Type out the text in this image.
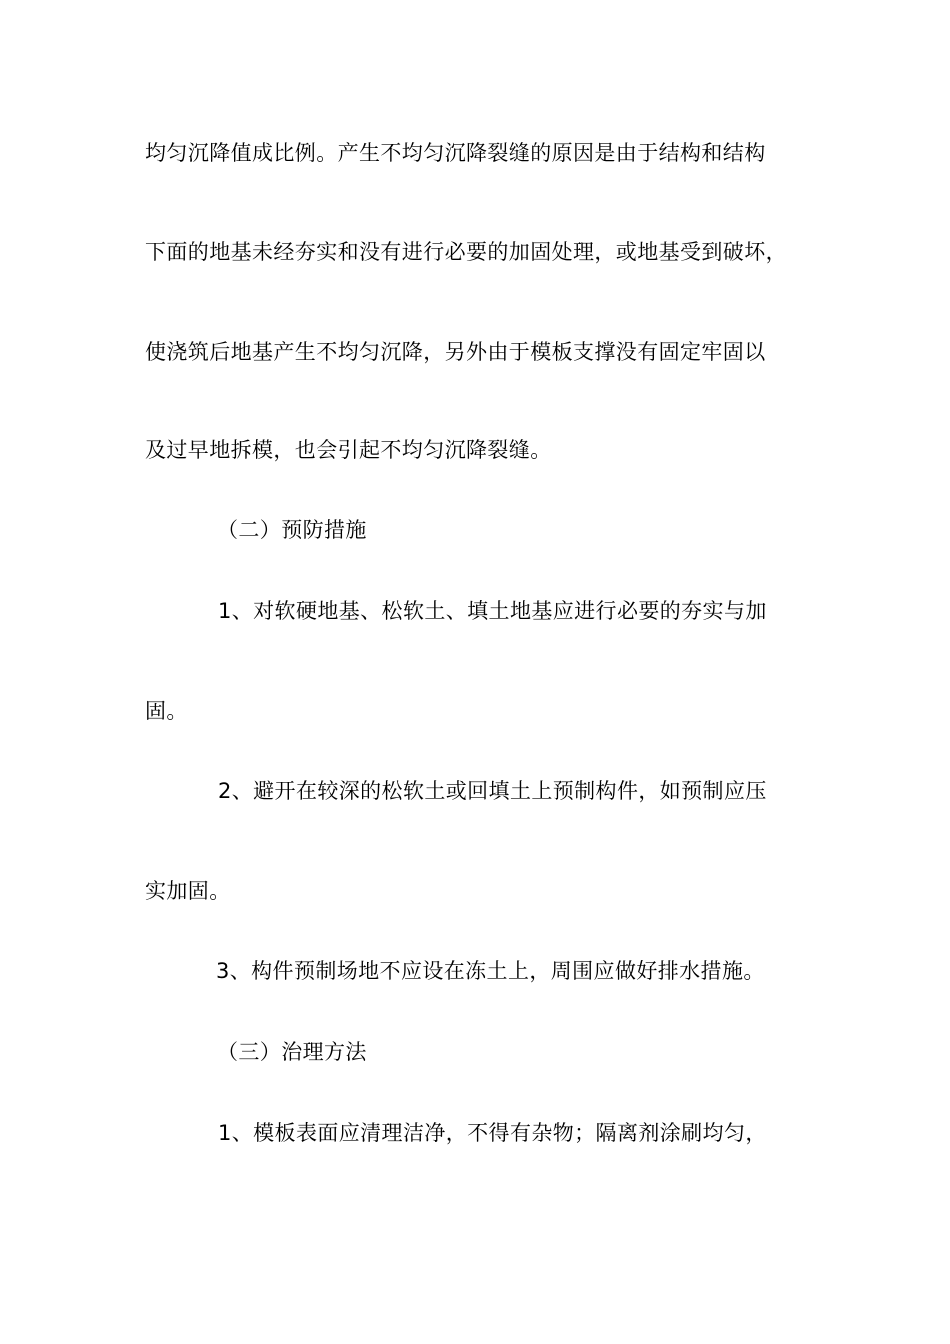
均匀沉降值成比例。产生不均匀沉降裂缝的原因是由于结构和结构
下面的地基未经夯实和没有进行必要的加固处理，或地基受到破坏，
使浇筑后地基产生不均匀沉降，另外由于模板支撑没有固定牢固以
及过早地拆模，也会引起不均匀沉降裂缝。
（二）预防措施
1、对软硬地基、松软土、填土地基应进行必要的夯实与加
固。
2、避开在较深的松软土或回填土上预制构件，如预制应压
实加固。
3、构件预制场地不应设在冻土上，周围应做好排水措施。
（三）治理方法
1、模板表面应清理洁净，不得有杂物；隔离剂涂刷均匀，
